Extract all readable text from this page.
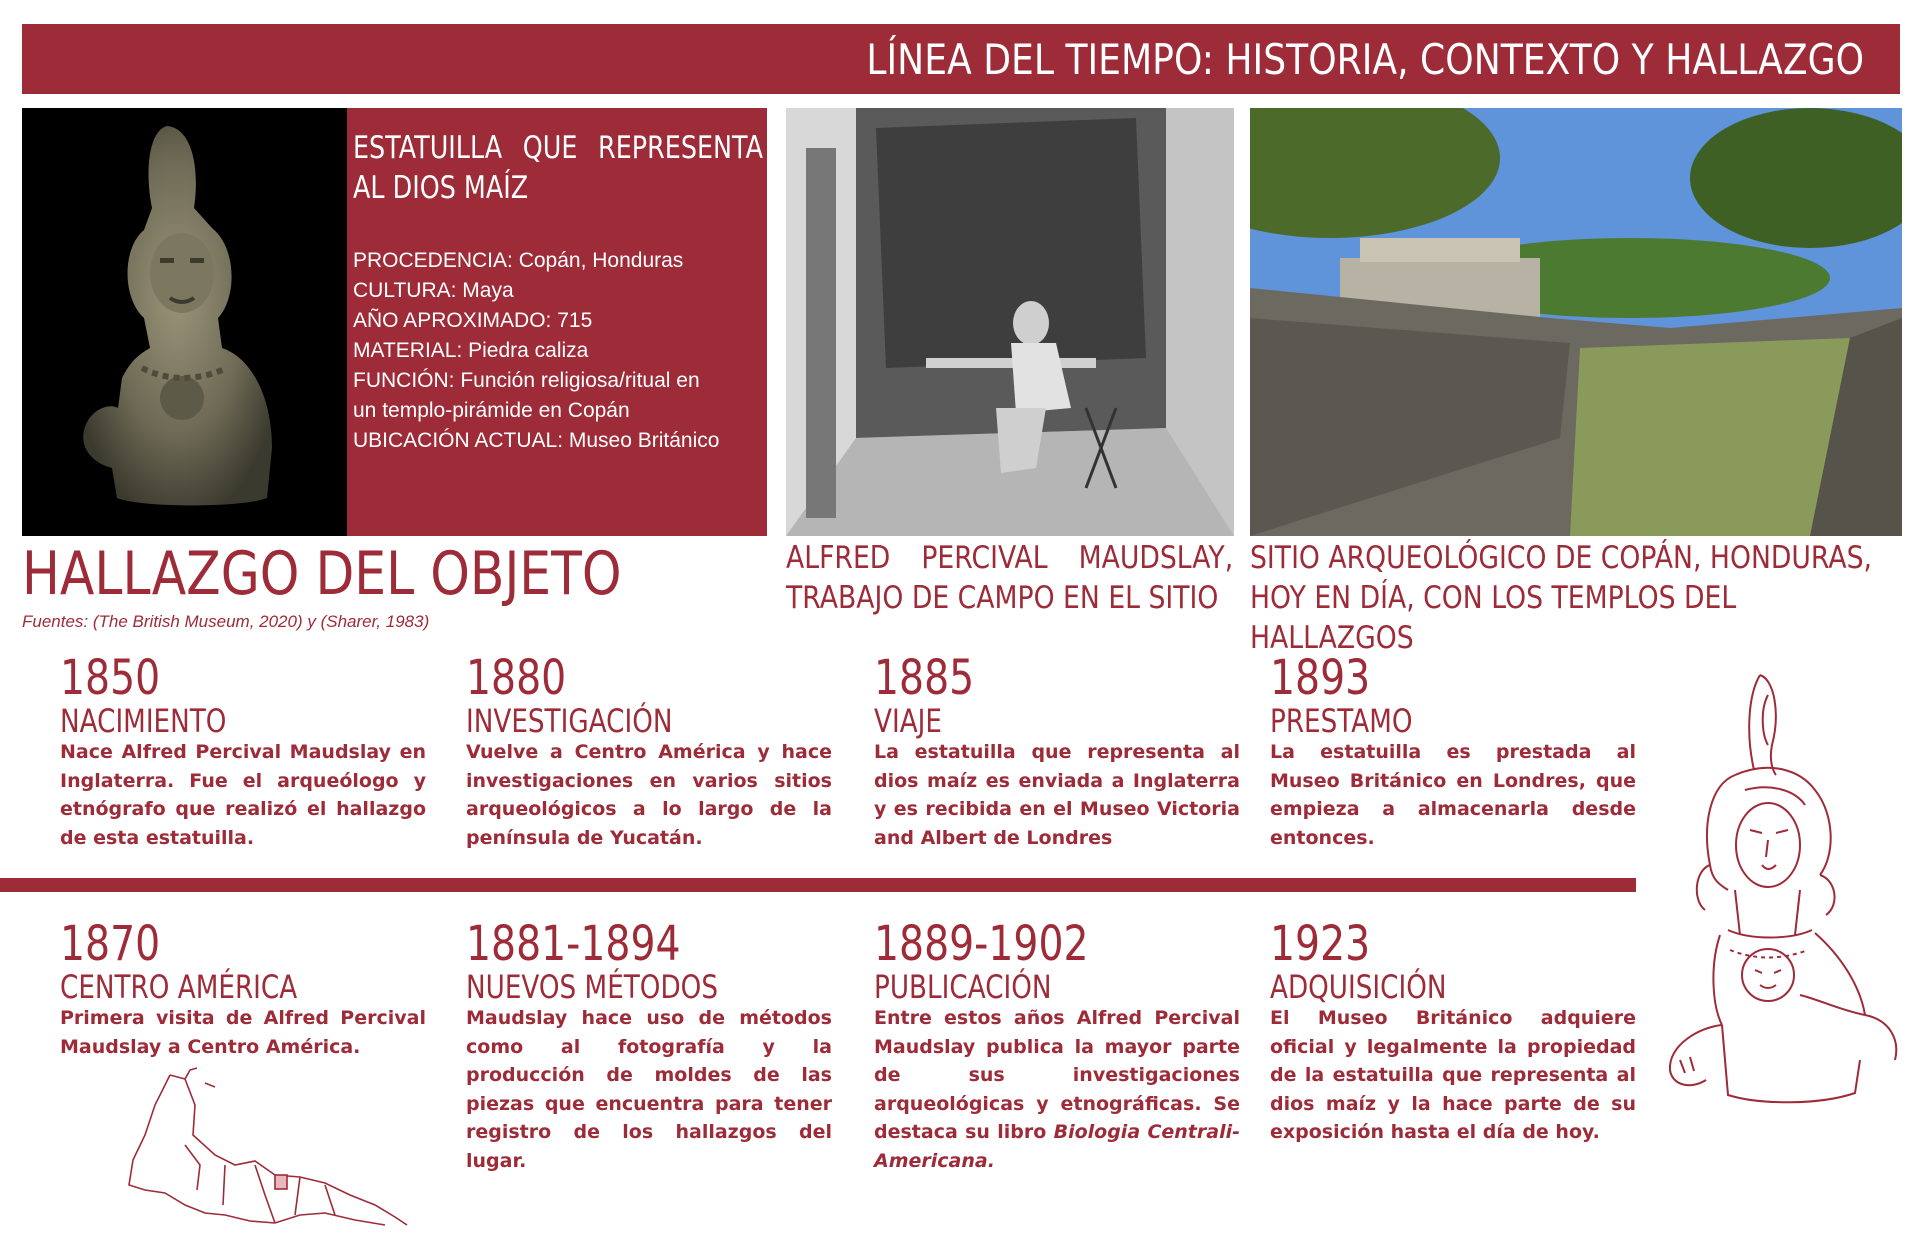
LÍNEA DEL TIEMPO: HISTORIA, CONTEXTO Y HALLAZGO
ESTATUILLA QUE REPRESENTA AL DIOS MAÍZ
PROCEDENCIA: Copán, Honduras
CULTURA: Maya
AÑO APROXIMADO: 715
MATERIAL: Piedra caliza
FUNCIÓN: Función religiosa/ritual en
un templo-pirámide en Copán
UBICACIÓN ACTUAL: Museo Británico
ALFRED PERCIVAL MAUDSLAY, TRABAJO DE CAMPO EN EL SITIO
SITIO ARQUEOLÓGICO DE COPÁN, HONDURAS, HOY EN DÍA, CON LOS TEMPLOS DEL HALLAZGOS
HALLAZGO DEL OBJETO
Fuentes: (The British Museum, 2020) y (Sharer, 1983)
1850
NACIMIENTO
Nace Alfred Percival Maudslay en Inglaterra. Fue el arqueólogo y etnógrafo que realizó el hallazgo de esta estatuilla.
1880
INVESTIGACIÓN
Vuelve a Centro América y hace investigaciones en varios sitios arqueológicos a lo largo de la península de Yucatán.
1885
VIAJE
La estatuilla que representa al dios maíz es enviada a Inglaterra y es recibida en el Museo Victoria and Albert de Londres
1893
PRESTAMO
La estatuilla es prestada al Museo Británico en Londres, que empieza a almacenarla desde entonces.
1870
CENTRO AMÉRICA
Primera visita de Alfred Percival Maudslay a Centro América.
1881-1894
NUEVOS MÉTODOS
Maudslay hace uso de métodos como al fotografía y la producción de moldes de las piezas que encuentra para tener registro de los hallazgos del lugar.
1889-1902
PUBLICACIÓN
Entre estos años Alfred Percival Maudslay publica la mayor parte de sus investigaciones arqueológicas y etnográficas. Se destaca su libro Biologia Centrali-Americana.
1923
ADQUISICIÓN
El Museo Británico adquiere oficial y legalmente la propiedad de la estatuilla que representa al dios maíz y la hace parte de su exposición hasta el día de hoy.
